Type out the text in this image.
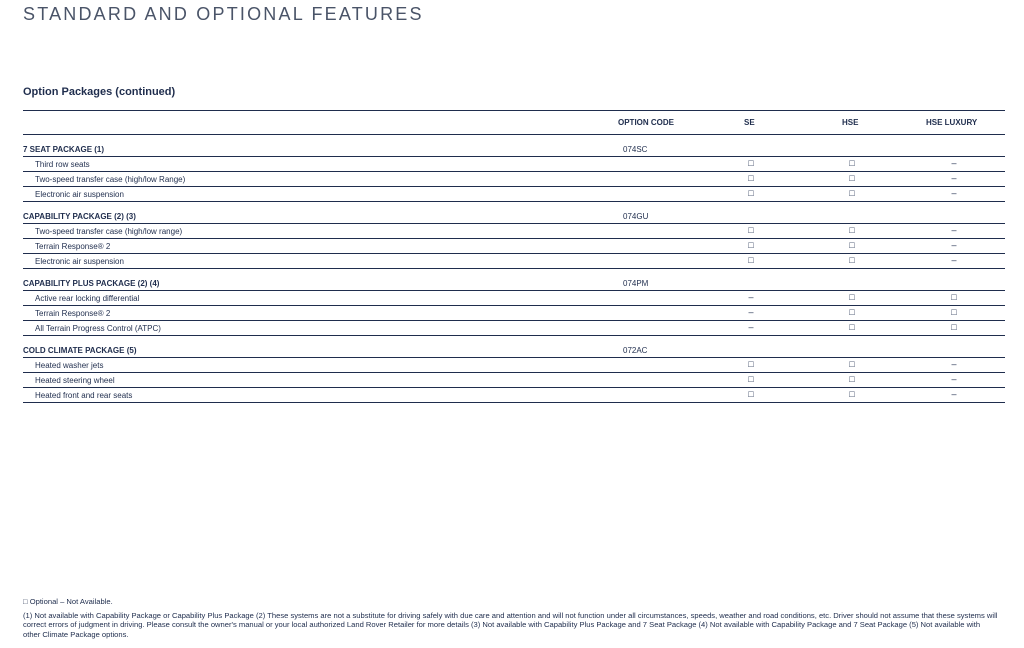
STANDARD AND OPTIONAL FEATURES
Option Packages (continued)
OPTION CODE	SE	HSE	HSE LUXURY
7 SEAT PACKAGE (1)	074SC
Third row seats	□	□	–
Two-speed transfer case (high/low Range)	□	□	–
Electronic air suspension	□	□	–
CAPABILITY PACKAGE (2) (3)	074GU
Two-speed transfer case (high/low range)	□	□	–
Terrain Response® 2	□	□	–
Electronic air suspension	□	□	–
CAPABILITY PLUS PACKAGE (2) (4)	074PM
Active rear locking differential	–	□	□
Terrain Response® 2	–	□	□
All Terrain Progress Control (ATPC)	–	□	□
COLD CLIMATE PACKAGE (5)	072AC
Heated washer jets	□	□	–
Heated steering wheel	□	□	–
Heated front and rear seats	□	□	–

□ Optional – Not Available.

(1) Not available with Capability Package or Capability Plus Package (2) These systems are not a substitute for driving safely with due care and attention and will not function under all circumstances, speeds, weather and road conditions, etc. Driver should not assume that these systems will correct errors of judgment in driving. Please consult the owner's manual or your local authorized Land Rover Retailer for more details (3) Not available with Capability Plus Package and 7 Seat Package (4) Not available with Capability Package and 7 Seat Package (5) Not available with other Climate Package options.
